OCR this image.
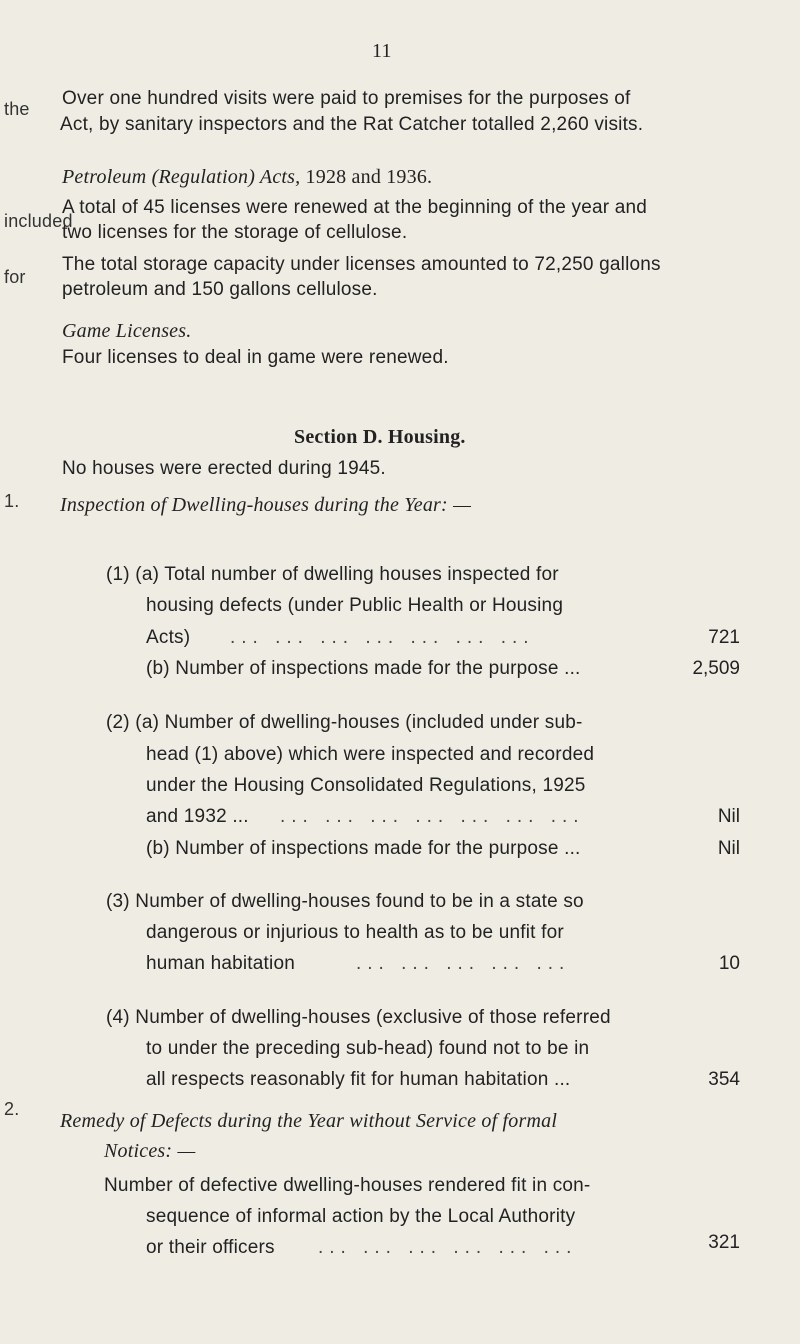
11
the Over one hundred visits were paid to premises for the purposes of
Act, by sanitary inspectors and the Rat Catcher totalled 2,260 visits.
Petroleum (Regulation) Acts, 1928 and 1936.
included
A total of 45 licenses were renewed at the beginning of the year and
two licenses for the storage of cellulose.
for
The total storage capacity under licenses amounted to 72,250 gallons
petroleum and 150 gallons cellulose.
Game Licenses.
Four licenses to deal in game were renewed.
Section D. Housing.
No houses were erected during 1945.
1. Inspection of Dwelling-houses during the Year: —
(1) (a) Total number of dwelling houses inspected for
housing defects (under Public Health or Housing
Acts) ... ... ... ... ... ... ...	721
(b) Number of inspections made for the purpose ...	2,509
(2) (a) Number of dwelling-houses (included under sub-
head (1) above) which were inspected and recorded
under the Housing Consolidated Regulations, 1925
and 1932 ... ... ... ... ... ... ... ...	Nil
(b) Number of inspections made for the purpose ...	Nil
(3) Number of dwelling-houses found to be in a state so
dangerous or injurious to health as to be unfit for
human habitation	... ... ... ... ...	10
(4) Number of dwelling-houses (exclusive of those referred
to under the preceding sub-head) found not to be in
all respects reasonably fit for human habitation ...	354
2.
Remedy of Defects during the Year without Service of formal
Notices: —
Number of defective dwelling-houses rendered fit in con-
sequence of informal action by the Local Authority
or their officers ... ... ... ... ... ...	321
